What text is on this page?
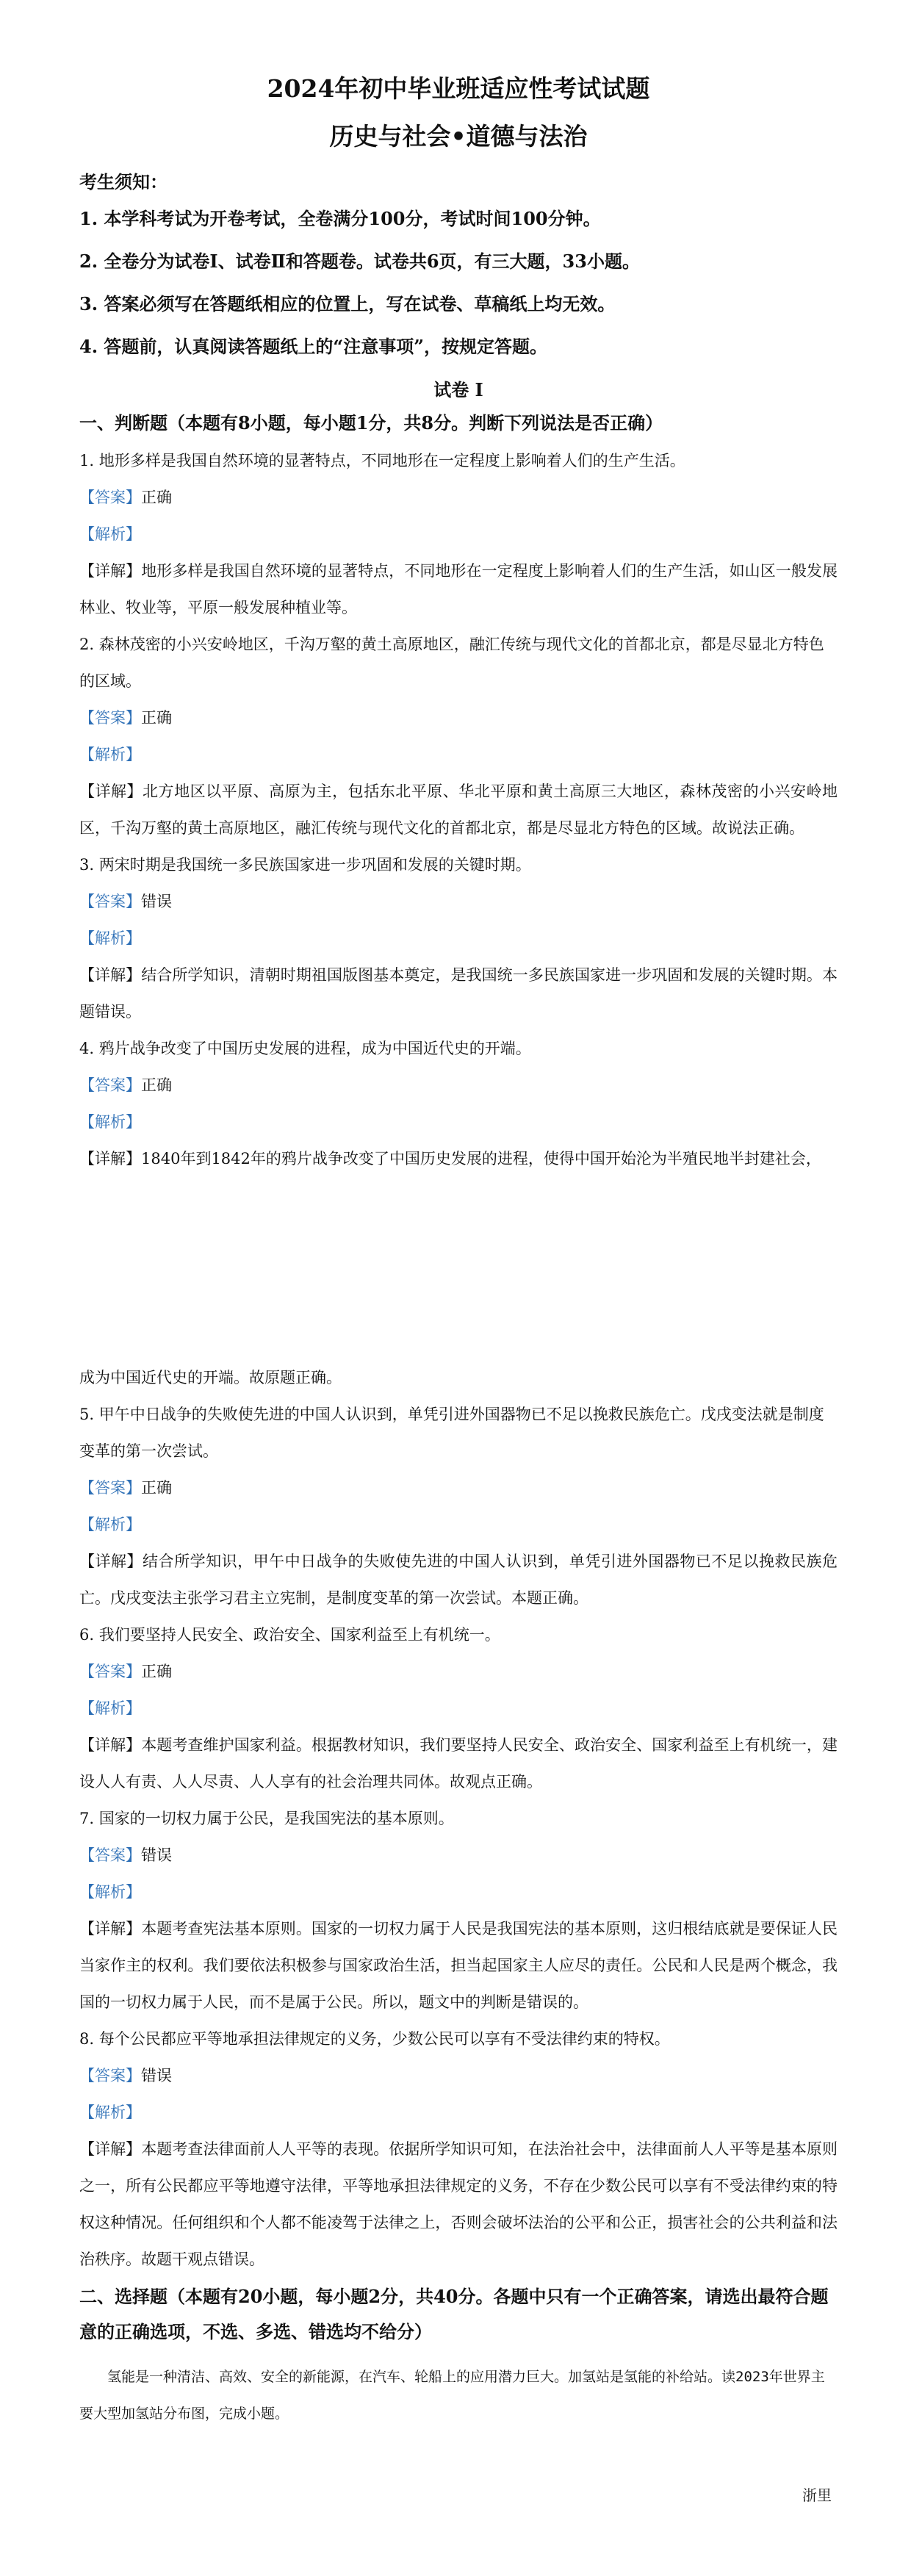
2024年初中毕业班适应性考试试题
历史与社会•道德与法治
考生须知：

1. 本学科考试为开卷考试，全卷满分100分，考试时间100分钟。

2. 全卷分为试卷Ⅰ、试卷Ⅱ和答题卷。试卷共6页，有三大题，33小题。

3. 答案必须写在答题纸相应的位置上，写在试卷、草稿纸上均无效。

4. 答题前，认真阅读答题纸上的“注意事项”，按规定答题。

试卷 I
一、判断题（本题有8小题，每小题1分，共8分。判断下列说法是否正确）

1. 地形多样是我国自然环境的显著特点，不同地形在一定程度上影响着人们的生产生活。

【答案】正确

【解析】

【详解】地形多样是我国自然环境的显著特点，不同地形在一定程度上影响着人们的生产生活，如山区一般发展林业、牧业等，平原一般发展种植业等。

2. 森林茂密的小兴安岭地区，千沟万壑的黄土高原地区，融汇传统与现代文化的首都北京，都是尽显北方特色的区域。

【答案】正确

【解析】

【详解】北方地区以平原、高原为主，包括东北平原、华北平原和黄土高原三大地区，森林茂密的小兴安岭地区，千沟万壑的黄土高原地区，融汇传统与现代文化的首都北京，都是尽显北方特色的区域。故说法正确。

3. 两宋时期是我国统一多民族国家进一步巩固和发展的关键时期。

【答案】错误

【解析】

【详解】结合所学知识，清朝时期祖国版图基本奠定，是我国统一多民族国家进一步巩固和发展的关键时期。本题错误。

4. 鸦片战争改变了中国历史发展的进程，成为中国近代史的开端。

【答案】正确

【解析】

【详解】1840年到1842年的鸦片战争改变了中国历史发展的进程，使得中国开始沦为半殖民地半封建社会，

成为中国近代史的开端。故原题正确。

5. 甲午中日战争的失败使先进的中国人认识到，单凭引进外国器物已不足以挽救民族危亡。戊戌变法就是制度变革的第一次尝试。

【答案】正确

【解析】

【详解】结合所学知识，甲午中日战争的失败使先进的中国人认识到，单凭引进外国器物已不足以挽救民族危亡。戊戌变法主张学习君主立宪制，是制度变革的第一次尝试。本题正确。

6. 我们要坚持人民安全、政治安全、国家利益至上有机统一。

【答案】正确

【解析】

【详解】本题考查维护国家利益。根据教材知识，我们要坚持人民安全、政治安全、国家利益至上有机统一，建设人人有责、人人尽责、人人享有的社会治理共同体。故观点正确。

7. 国家的一切权力属于公民，是我国宪法的基本原则。

【答案】错误

【解析】

【详解】本题考查宪法基本原则。国家的一切权力属于人民是我国宪法的基本原则，这归根结底就是要保证人民当家作主的权利。我们要依法积极参与国家政治生活，担当起国家主人应尽的责任。公民和人民是两个概念，我国的一切权力属于人民，而不是属于公民。所以，题文中的判断是错误的。

8. 每个公民都应平等地承担法律规定的义务，少数公民可以享有不受法律约束的特权。

【答案】错误

【解析】

【详解】本题考查法律面前人人平等的表现。依据所学知识可知，在法治社会中，法律面前人人平等是基本原则之一，所有公民都应平等地遵守法律，平等地承担法律规定的义务，不存在少数公民可以享有不受法律约束的特权这种情况。任何组织和个人都不能凌驾于法律之上，否则会破坏法治的公平和公正，损害社会的公共利益和法治秩序。故题干观点错误。

二、选择题（本题有20小题，每小题2分，共40分。各题中只有一个正确答案，请选出最符合题意的正确选项，不选、多选、错选均不给分）

氢能是一种清洁、高效、安全的新能源，在汽车、轮船上的应用潜力巨大。加氢站是氢能的补给站。读2023年世界主要大型加氢站分布图，完成小题。

浙里
